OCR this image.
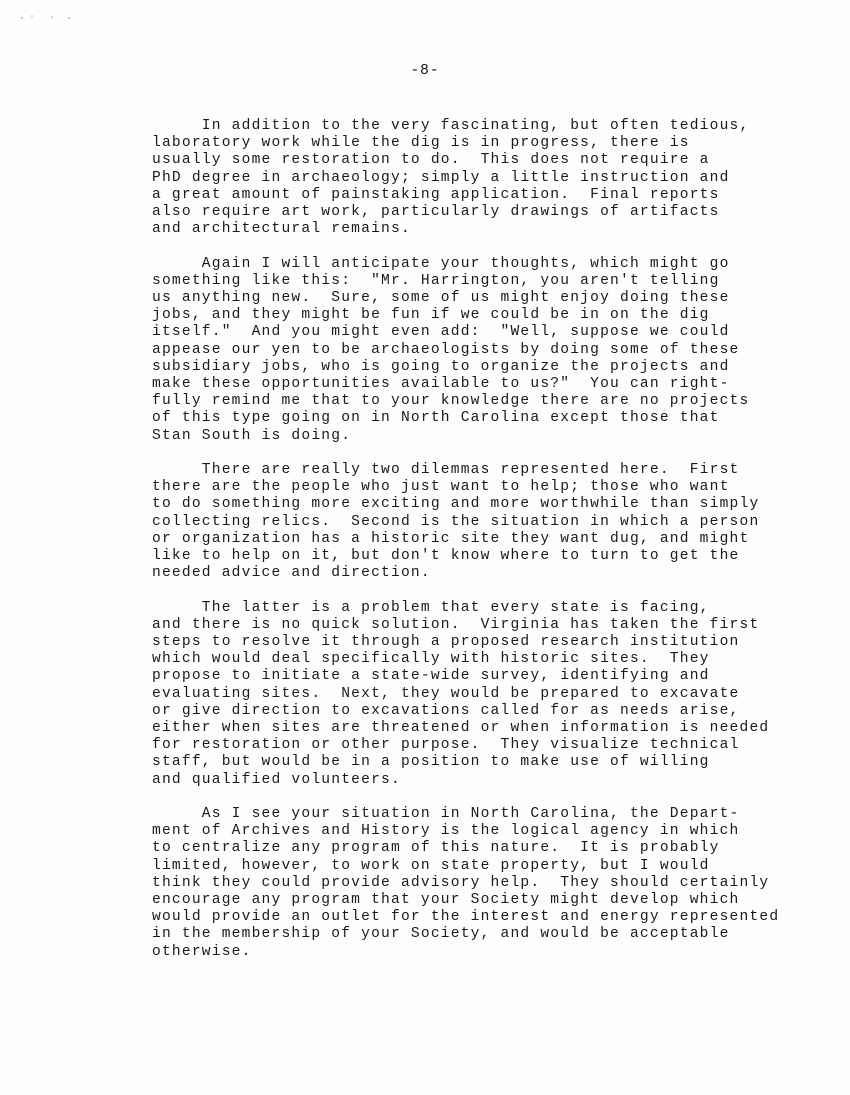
-8-
In addition to the very fascinating, but often tedious,
laboratory work while the dig is in progress, there is
usually some restoration to do.  This does not require a
PhD degree in archaeology; simply a little instruction and
a great amount of painstaking application.  Final reports
also require art work, particularly drawings of artifacts
and architectural remains.
Again I will anticipate your thoughts, which might go
something like this:  "Mr. Harrington, you aren't telling
us anything new.  Sure, some of us might enjoy doing these
jobs, and they might be fun if we could be in on the dig
itself."  And you might even add:  "Well, suppose we could
appease our yen to be archaeologists by doing some of these
subsidiary jobs, who is going to organize the projects and
make these opportunities available to us?"  You can right-
fully remind me that to your knowledge there are no projects
of this type going on in North Carolina except those that
Stan South is doing.
There are really two dilemmas represented here.  First
there are the people who just want to help; those who want
to do something more exciting and more worthwhile than simply
collecting relics.  Second is the situation in which a person
or organization has a historic site they want dug, and might
like to help on it, but don't know where to turn to get the
needed advice and direction.
The latter is a problem that every state is facing,
and there is no quick solution.  Virginia has taken the first
steps to resolve it through a proposed research institution
which would deal specifically with historic sites.  They
propose to initiate a state-wide survey, identifying and
evaluating sites.  Next, they would be prepared to excavate
or give direction to excavations called for as needs arise,
either when sites are threatened or when information is needed
for restoration or other purpose.  They visualize technical
staff, but would be in a position to make use of willing
and qualified volunteers.
As I see your situation in North Carolina, the Depart-
ment of Archives and History is the logical agency in which
to centralize any program of this nature.  It is probably
limited, however, to work on state property, but I would
think they could provide advisory help.  They should certainly
encourage any program that your Society might develop which
would provide an outlet for the interest and energy represented
in the membership of your Society, and would be acceptable
otherwise.
